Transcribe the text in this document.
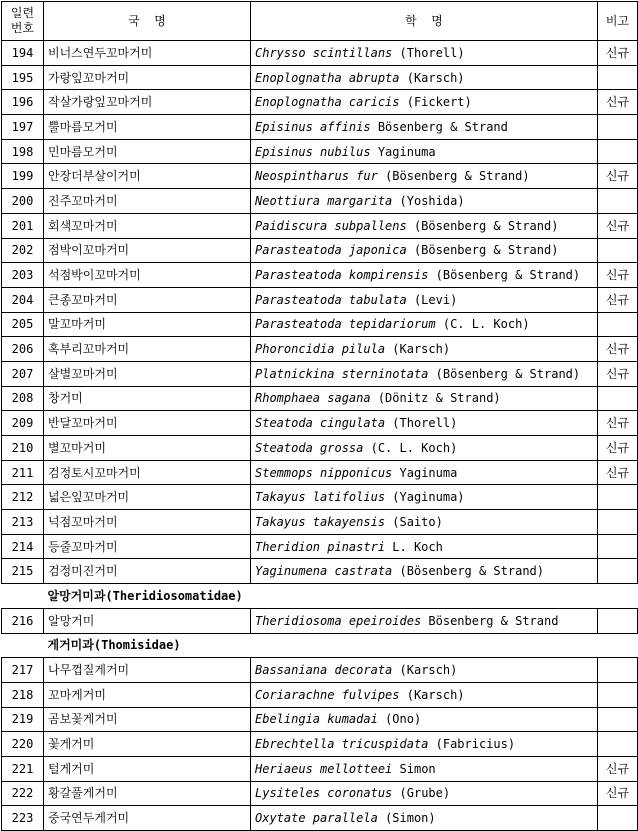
일련
번호	국  명	학  명	비고
194	비너스연두꼬마거미	Chrysso scintillans (Thorell)	신규
195	가랑잎꼬마거미	Enoplognatha abrupta (Karsch)	
196	작살가랑잎꼬마거미	Enoplognatha caricis (Fickert)	신규
197	뿔마름모거미	Episinus affinis Bösenberg & Strand	
198	민마름모거미	Episinus nubilus Yaginuma	
199	안장더부살이거미	Neospintharus fur (Bösenberg & Strand)	신규
200	진주꼬마거미	Neottiura margarita (Yoshida)	
201	회색꼬마거미	Paidiscura subpallens (Bösenberg & Strand)	신규
202	점박이꼬마거미	Parasteatoda japonica (Bösenberg & Strand)	
203	석점박이꼬마거미	Parasteatoda kompirensis (Bösenberg & Strand)	신규
204	큰종꼬마거미	Parasteatoda tabulata (Levi)	신규
205	말꼬마거미	Parasteatoda tepidariorum (C. L. Koch)	
206	혹부리꼬마거미	Phoroncidia pilula (Karsch)	신규
207	살별꼬마거미	Platnickina sterninotata (Bösenberg & Strand)	신규
208	창거미	Rhomphaea sagana (Dönitz & Strand)	
209	반달꼬마거미	Steatoda cingulata (Thorell)	신규
210	별꼬마거미	Steatoda grossa (C. L. Koch)	신규
211	검정토시꼬마거미	Stemmops nipponicus Yaginuma	신규
212	넓은잎꼬마거미	Takayus latifolius (Yaginuma)	
213	넉점꼬마거미	Takayus takayensis (Saito)	
214	등줄꼬마거미	Theridion pinastri L. Koch	
215	검정미진거미	Yaginumena castrata (Bösenberg & Strand)	
알망거미과(Theridiosomatidae)			
216	알망거미	Theridiosoma epeiroides Bösenberg & Strand	
게거미과(Thomisidae)			
217	나무껍질게거미	Bassaniana decorata (Karsch)	
218	꼬마게거미	Coriarachne fulvipes (Karsch)	
219	곰보꽃게거미	Ebelingia kumadai (Ono)	
220	꽃게거미	Ebrechtella tricuspidata (Fabricius)	
221	털게거미	Heriaeus mellotteei Simon	신규
222	황갈풀게거미	Lysiteles coronatus (Grube)	신규
223	중국연두게거미	Oxytate parallela (Simon)	
